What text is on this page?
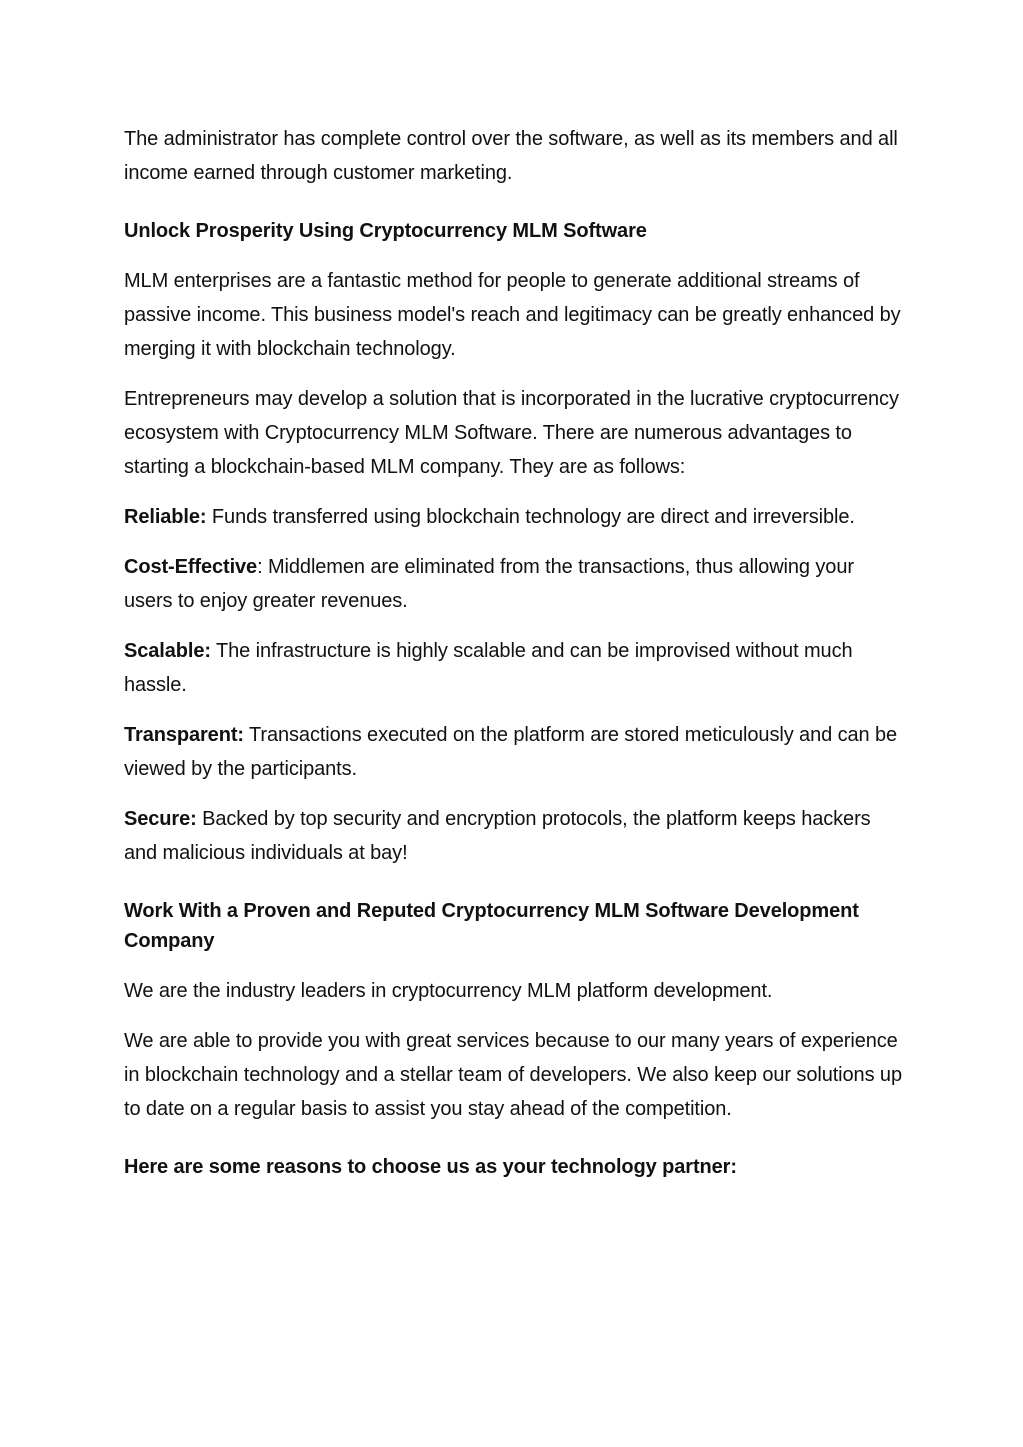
The administrator has complete control over the software, as well as its members and all income earned through customer marketing.

Unlock Prosperity Using Cryptocurrency MLM Software

MLM enterprises are a fantastic method for people to generate additional streams of passive income. This business model's reach and legitimacy can be greatly enhanced by merging it with blockchain technology.

Entrepreneurs may develop a solution that is incorporated in the lucrative cryptocurrency ecosystem with Cryptocurrency MLM Software. There are numerous advantages to starting a blockchain-based MLM company. They are as follows:

Reliable: Funds transferred using blockchain technology are direct and irreversible.

Cost-Effective: Middlemen are eliminated from the transactions, thus allowing your users to enjoy greater revenues.

Scalable: The infrastructure is highly scalable and can be improvised without much hassle.

Transparent: Transactions executed on the platform are stored meticulously and can be viewed by the participants.

Secure: Backed by top security and encryption protocols, the platform keeps hackers and malicious individuals at bay!

Work With a Proven and Reputed Cryptocurrency MLM Software Development Company

We are the industry leaders in cryptocurrency MLM platform development.

We are able to provide you with great services because to our many years of experience in blockchain technology and a stellar team of developers. We also keep our solutions up to date on a regular basis to assist you stay ahead of the competition.

Here are some reasons to choose us as your technology partner:
